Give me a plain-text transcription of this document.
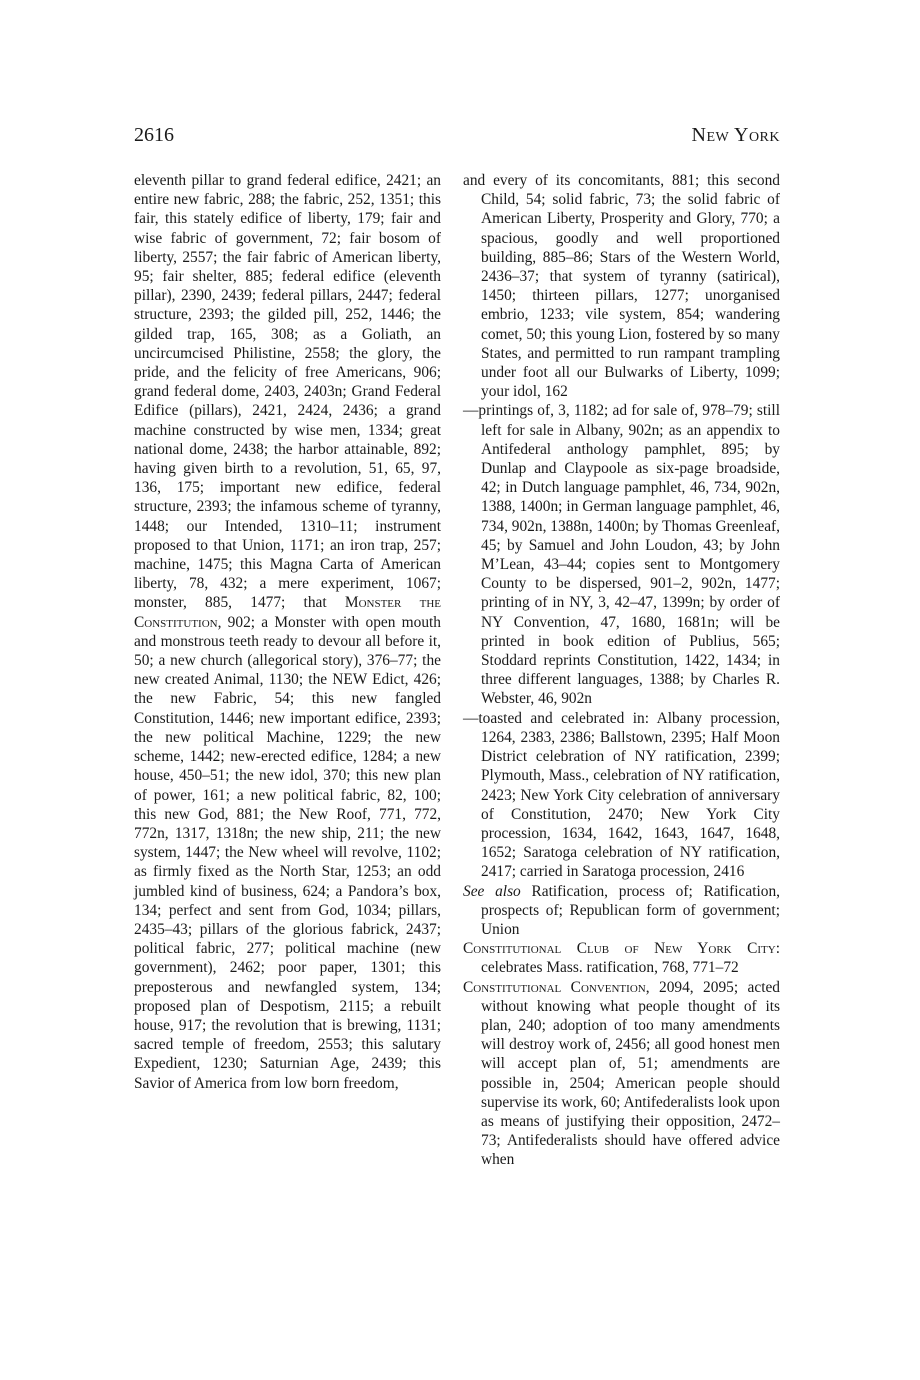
2616	New York

eleventh pillar to grand federal edifice, 2421; an entire new fabric, 288; the fabric, 252, 1351; this fair, this stately edifice of liberty, 179; fair and wise fabric of government, 72; fair bosom of liberty, 2557; the fair fabric of American liberty, 95; fair shelter, 885; federal edifice (eleventh pillar), 2390, 2439; federal pillars, 2447; federal structure, 2393; the gilded pill, 252, 1446; the gilded trap, 165, 308; as a Goliath, an uncircumcised Philistine, 2558; the glory, the pride, and the felicity of free Americans, 906; grand federal dome, 2403, 2403n; Grand Federal Edifice (pillars), 2421, 2424, 2436; a grand machine constructed by wise men, 1334; great national dome, 2438; the harbor attainable, 892; having given birth to a revolution, 51, 65, 97, 136, 175; important new edifice, federal structure, 2393; the infamous scheme of tyranny, 1448; our Intended, 1310–11; instrument proposed to that Union, 1171; an iron trap, 257; machine, 1475; this Magna Carta of American liberty, 78, 432; a mere experiment, 1067; monster, 885, 1477; that Monster the Constitution, 902; a Monster with open mouth and monstrous teeth ready to devour all before it, 50; a new church (allegorical story), 376–77; the new created Animal, 1130; the NEW Edict, 426; the new Fabric, 54; this new fangled Constitution, 1446; new important edifice, 2393; the new political Machine, 1229; the new scheme, 1442; new-erected edifice, 1284; a new house, 450–51; the new idol, 370; this new plan of power, 161; a new political fabric, 82, 100; this new God, 881; the New Roof, 771, 772, 772n, 1317, 1318n; the new ship, 211; the new system, 1447; the New wheel will revolve, 1102; as firmly fixed as the North Star, 1253; an odd jumbled kind of business, 624; a Pandora’s box, 134; perfect and sent from God, 1034; pillars, 2435–43; pillars of the glorious fabrick, 2437; political fabric, 277; political machine (new government), 2462; poor paper, 1301; this preposterous and newfangled system, 134; proposed plan of Despotism, 2115; a rebuilt house, 917; the revolution that is brewing, 1131; sacred temple of freedom, 2553; this salutary Expedient, 1230; Saturnian Age, 2439; this Savior of America from low born freedom,

and every of its concomitants, 881; this second Child, 54; solid fabric, 73; the solid fabric of American Liberty, Prosperity and Glory, 770; a spacious, goodly and well proportioned building, 885–86; Stars of the Western World, 2436–37; that system of tyranny (satirical), 1450; thirteen pillars, 1277; unorganised embrio, 1233; vile system, 854; wandering comet, 50; this young Lion, fostered by so many States, and permitted to run rampant trampling under foot all our Bulwarks of Liberty, 1099; your idol, 162

—printings of, 3, 1182; ad for sale of, 978–79; still left for sale in Albany, 902n; as an appendix to Antifederal anthology pamphlet, 895; by Dunlap and Claypoole as six-page broadside, 42; in Dutch language pamphlet, 46, 734, 902n, 1388, 1400n; in German language pamphlet, 46, 734, 902n, 1388n, 1400n; by Thomas Greenleaf, 45; by Samuel and John Loudon, 43; by John M’Lean, 43–44; copies sent to Montgomery County to be dispersed, 901–2, 902n, 1477; printing of in NY, 3, 42–47, 1399n; by order of NY Convention, 47, 1680, 1681n; will be printed in book edition of Publius, 565; Stoddard reprints Constitution, 1422, 1434; in three different languages, 1388; by Charles R. Webster, 46, 902n

—toasted and celebrated in: Albany procession, 1264, 2383, 2386; Ballstown, 2395; Half Moon District celebration of NY ratification, 2399; Plymouth, Mass., celebration of NY ratification, 2423; New York City celebration of anniversary of Constitution, 2470; New York City procession, 1634, 1642, 1643, 1647, 1648, 1652; Saratoga celebration of NY ratification, 2417; carried in Saratoga procession, 2416

See also Ratification, process of; Ratification, prospects of; Republican form of government; Union

Constitutional Club of New York City: celebrates Mass. ratification, 768, 771–72

Constitutional Convention, 2094, 2095; acted without knowing what people thought of its plan, 240; adoption of too many amendments will destroy work of, 2456; all good honest men will accept plan of, 51; amendments are possible in, 2504; American people should supervise its work, 60; Antifederalists look upon as means of justifying their opposition, 2472–73; Antifederalists should have offered advice when
